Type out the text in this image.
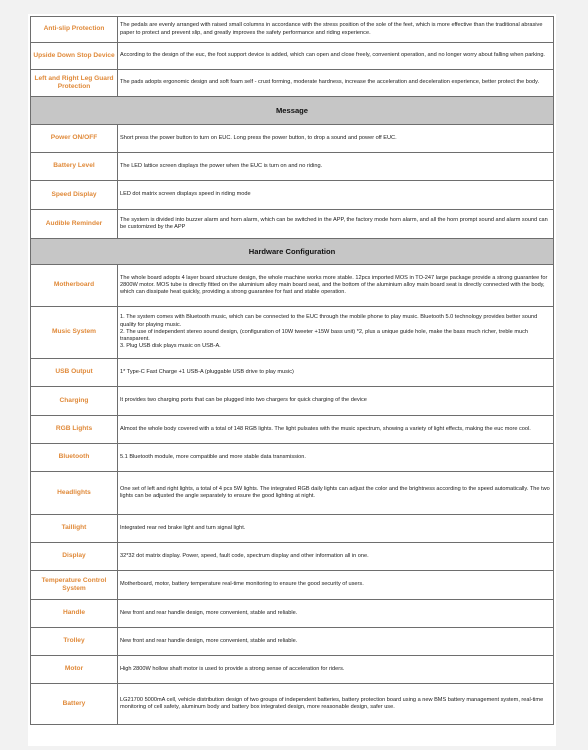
Anti-slip Protection	The pedals are evenly arranged with raised small columns in accordance with the stress position of the sole of the feet, which is more effective than the traditional abrasive paper to protect and prevent slip, and greatly improves the safety performance and riding experience.
Upside Down Stop Device	According to the design of the euc, the foot support device is added, which can open and close freely, convenient operation, and no longer worry about falling when parking.
Left and Right Leg Guard Protection	The pads adopts ergonomic design and soft foam self - crust forming, moderate hardness, increase the acceleration and deceleration experience, better protect the body.
Message	
Power ON/OFF	Short press the power button to turn on EUC. Long press the power button, to drop a sound and power off EUC.
Battery Level	The LED lattice screen displays the power when the EUC is turn on and no riding.
Speed Display	LED dot matrix screen displays speed in riding mode
Audible Reminder	The system is divided into buzzer alarm and horn alarm, which can be switched in the APP, the factory mode horn alarm, and all the horn prompt sound and alarm sound can be customized by the APP
Hardware Configuration	
Motherboard	The whole board adopts 4 layer board structure design, the whole machine works more stable. 12pcs imported MOS in TO-247 large package provide a strong guarantee for 2800W motor. MOS tube is directly fitted on the aluminium alloy main board seat, and the bottom of the aluminium alloy main board seat is directly connected with the body, which can dissipate heat quickly, providing a strong guarantee for fast and stable operation.
Music System	1. The system comes with Bluetooth music, which can be connected to the EUC through the mobile phone to play music. Bluetooth 5.0 technology provides better sound quality for playing music.
2. The use of independent stereo sound design, (configuration of 10W tweeter +15W bass unit) *2, plus a unique guide hole, make the bass much richer, treble much transparent.
3. Plug USB disk plays music on USB-A.

USB Output	1* Type-C Fast Charge +1 USB-A (pluggable USB drive to play music)
Charging	It provides two charging ports that can be plugged into two chargers for quick charging of the device
RGB Lights	Almost the whole body covered with a total of 148 RGB lights. The light pulsates with the music spectrum, showing a variety of light effects, making the euc more cool.
Bluetooth	5.1 Bluetooth module, more compatible and more stable data transmission.
Headlights	One set of left and right lights, a total of 4 pcs 5W lights. The integrated RGB daily lights can adjust the color and the brightness according to the speed automatically. The two lights can be adjusted the angle separately to ensure the good lighting at night.
Taillight	Integrated rear red brake light and turn signal light.
Display	32*32 dot matrix display. Power, speed, fault code, spectrum display and other information all in one.
Temperature Control System	Motherboard, motor, battery temperature real-time monitoring to ensure the good security of users.
Handle	New front and rear handle design, more convenient, stable and reliable.
Trolley	New front and rear handle design, more convenient, stable and reliable.
Motor	High 2800W hollow shaft motor is used to provide a strong sense of acceleration for riders.
Battery	LG21700 5000mA cell, vehicle distribution design of two groups of independent batteries, battery protection board using a new BMS battery management system, real-time monitoring of cell safety, aluminum body and battery box integrated design, more reasonable design, safer use.
